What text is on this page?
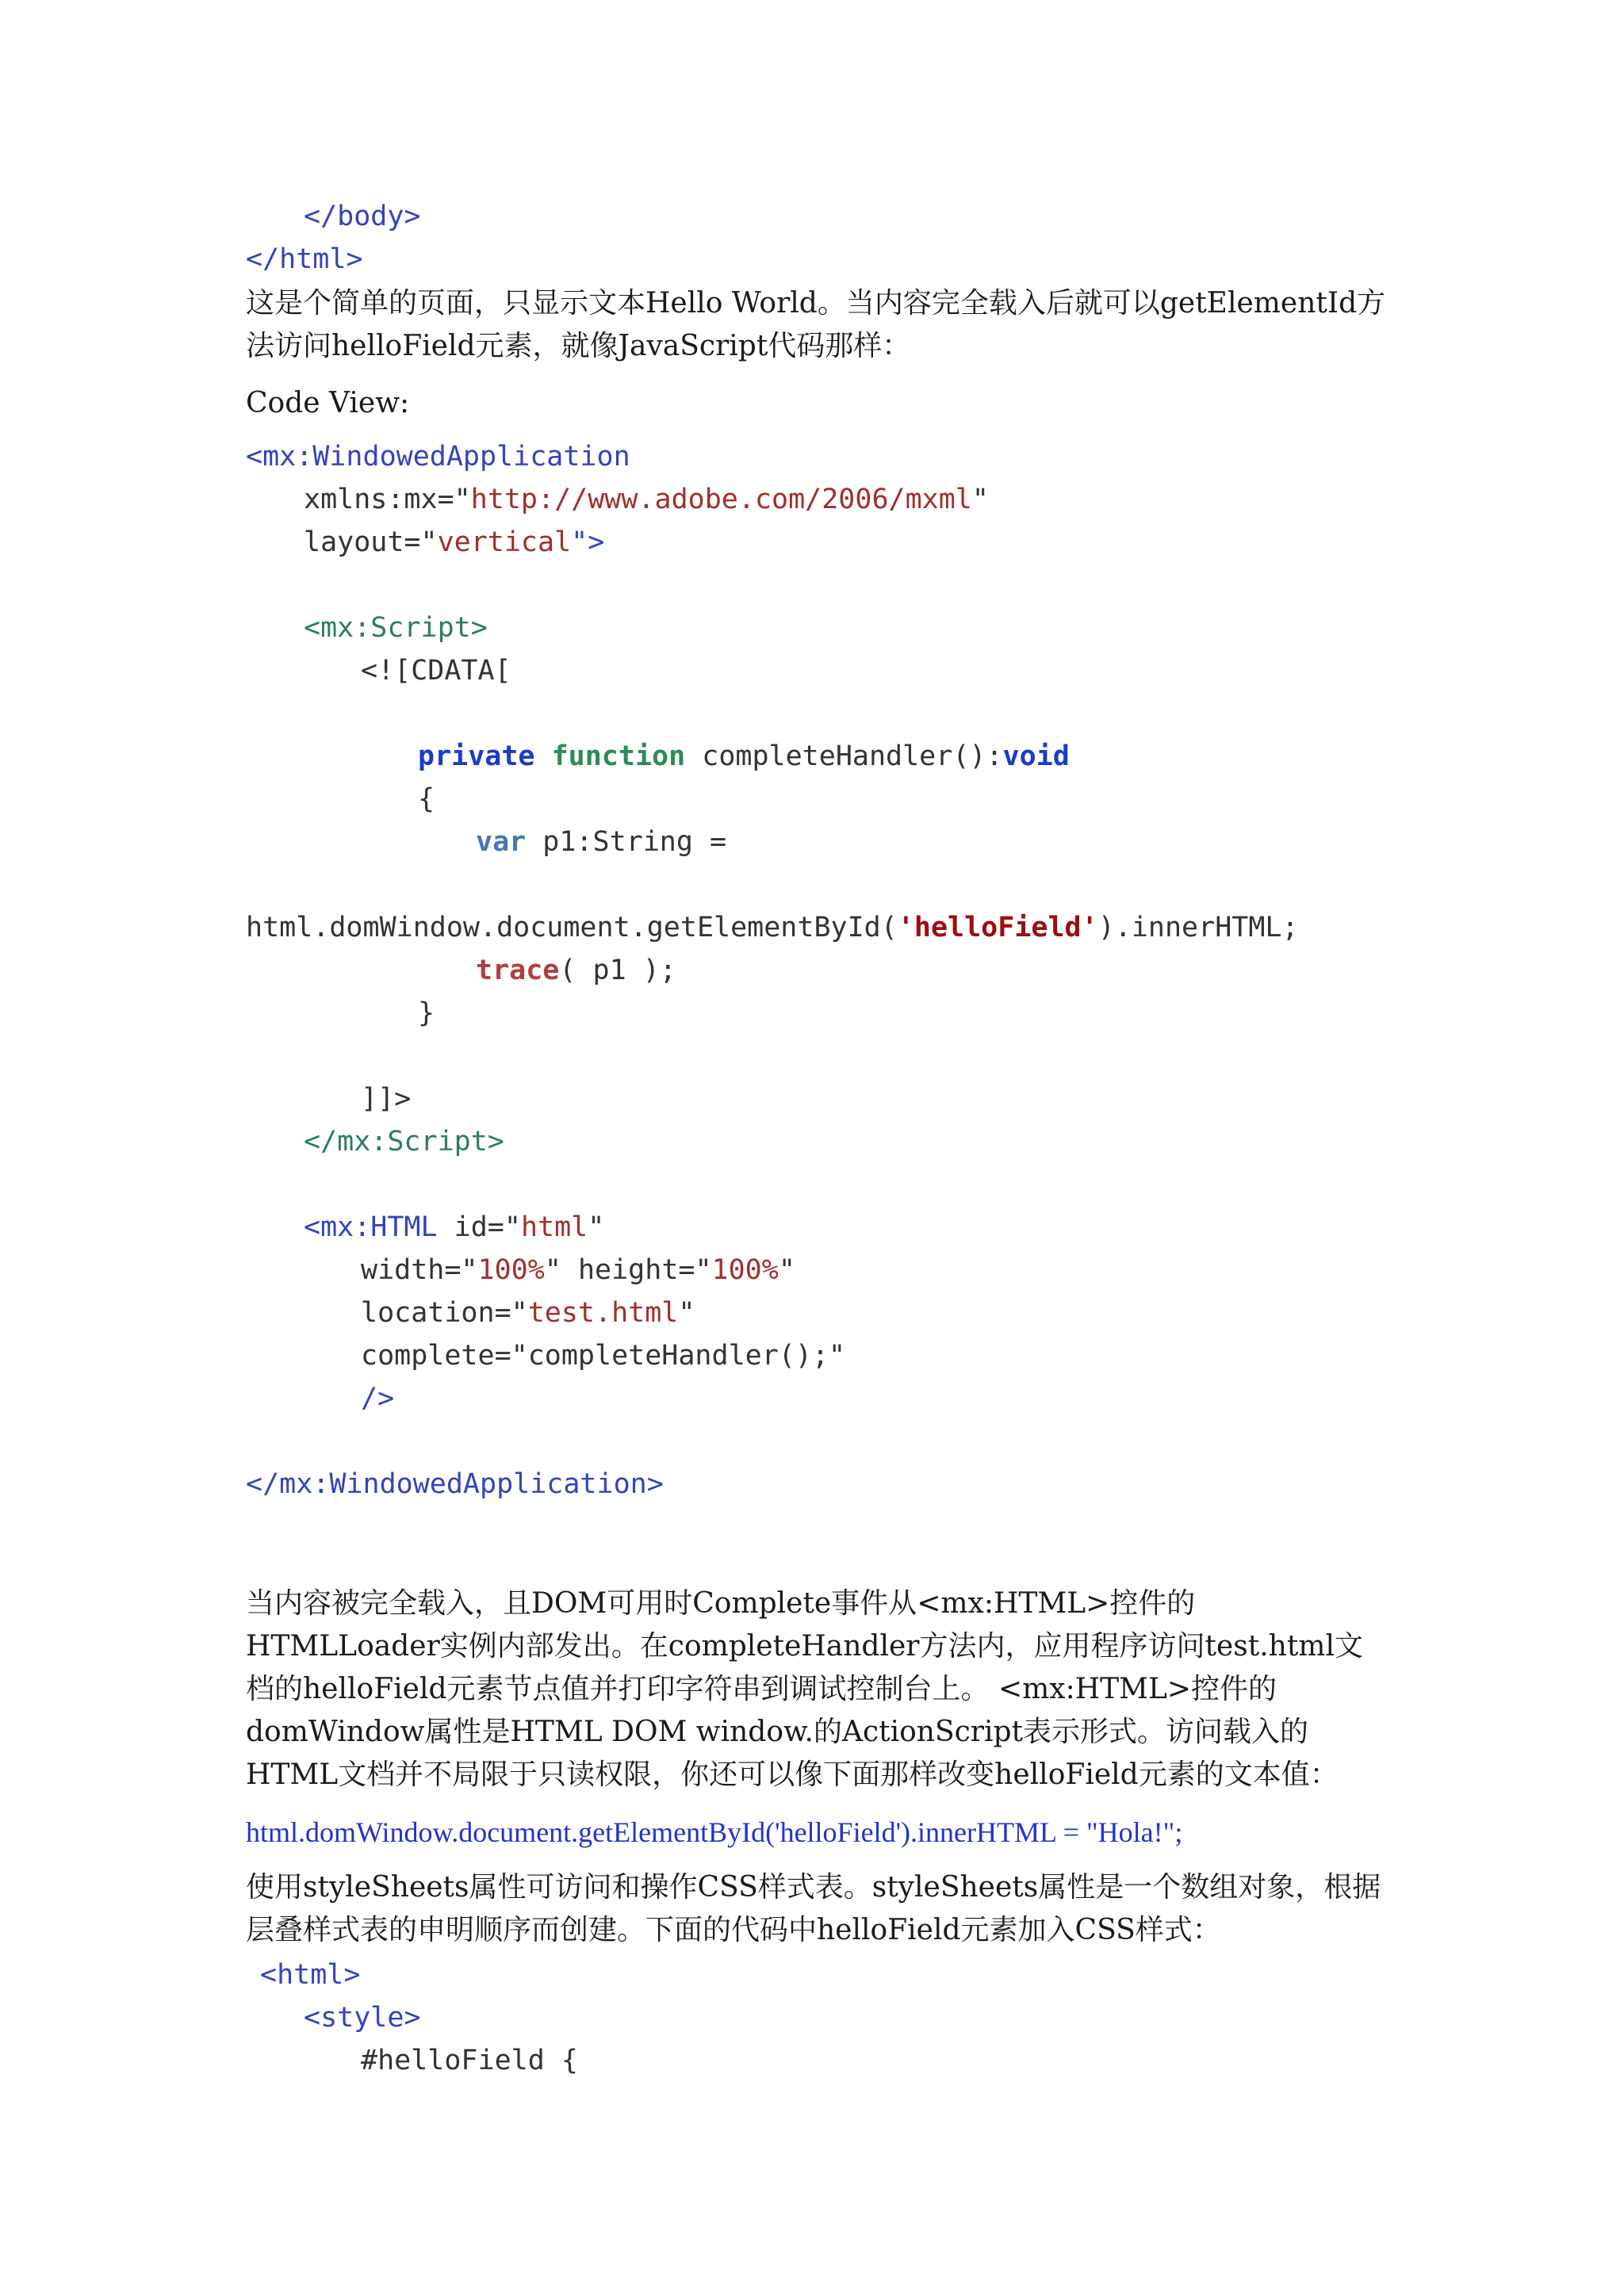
</body>
</html>
这是个简单的页面，只显示文本Hello World。当内容完全载入后就可以getElementId方法访问helloField元素，就像JavaScript代码那样：
Code View:
<mx:WindowedApplication
xmlns:mx="http://www.adobe.com/2006/mxml"
layout="vertical">
<mx:Script>
<![CDATA[
private function completeHandler():void
{
var p1:String =
html.domWindow.document.getElementById('helloField').innerHTML;
trace( p1 );
}
]]>
</mx:Script>
<mx:HTML id="html"
width="100%" height="100%"
location="test.html"
complete="completeHandler();"
/>
</mx:WindowedApplication>
当内容被完全载入，且DOM可用时Complete事件从<mx:HTML>控件的HTMLLoader实例内部发出。在completeHandler方法内，应用程序访问test.html文档的helloField元素节点值并打印字符串到调试控制台上。 <mx:HTML>控件的domWindow属性是HTML DOM window.的ActionScript表示形式。访问载入的HTML文档并不局限于只读权限，你还可以像下面那样改变helloField元素的文本值：
html.domWindow.document.getElementById('helloField').innerHTML = "Hola!";
使用styleSheets属性可访问和操作CSS样式表。styleSheets属性是一个数组对象，根据层叠样式表的申明顺序而创建。下面的代码中helloField元素加入CSS样式：
<html>
<style>
#helloField {
